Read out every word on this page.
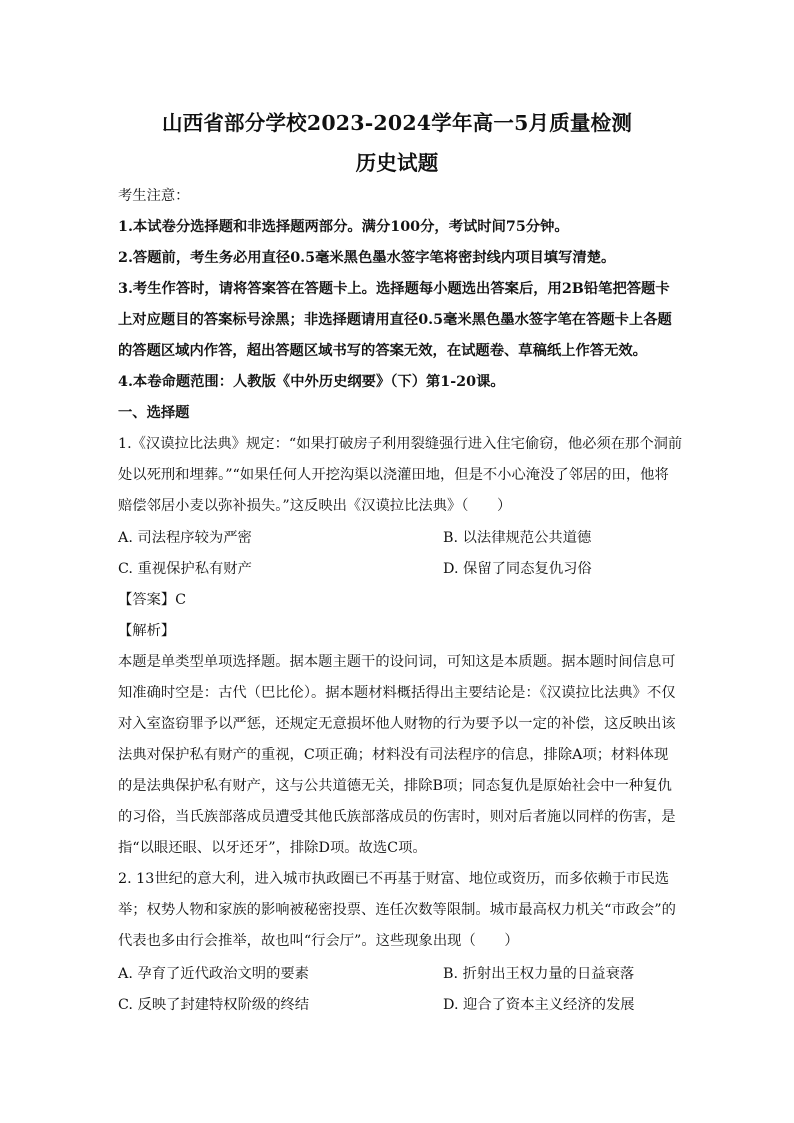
山西省部分学校2023-2024学年高一5月质量检测
历史试题
考生注意：
1.本试卷分选择题和非选择题两部分。满分100分，考试时间75分钟。
2.答题前，考生务必用直径0.5毫米黑色墨水签字笔将密封线内项目填写清楚。
3.考生作答时，请将答案答在答题卡上。选择题每小题选出答案后，用2B铅笔把答题卡
上对应题目的答案标号涂黑；非选择题请用直径0.5毫米黑色墨水签字笔在答题卡上各题
的答题区域内作答，超出答题区域书写的答案无效，在试题卷、草稿纸上作答无效。
4.本卷命题范围：人教版《中外历史纲要》（下）第1-20课。
一、选择题
1.《汉谟拉比法典》规定：“如果打破房子利用裂缝强行进入住宅偷窃，他必须在那个洞前
处以死刑和埋葬。”“如果任何人开挖沟渠以浇灌田地，但是不小心淹没了邻居的田，他将
赔偿邻居小麦以弥补损失。”这反映出《汉谟拉比法典》（　　）
A. 司法程序较为严密	B. 以法律规范公共道德
C. 重视保护私有财产	D. 保留了同态复仇习俗
【答案】C
【解析】
本题是单类型单项选择题。据本题主题干的设问词，可知这是本质题。据本题时间信息可
知准确时空是：古代（巴比伦）。据本题材料概括得出主要结论是：《汉谟拉比法典》不仅
对入室盗窃罪予以严惩，还规定无意损坏他人财物的行为要予以一定的补偿，这反映出该
法典对保护私有财产的重视，C项正确；材料没有司法程序的信息，排除A项；材料体现
的是法典保护私有财产，这与公共道德无关，排除B项；同态复仇是原始社会中一种复仇
的习俗，当氏族部落成员遭受其他氏族部落成员的伤害时，则对后者施以同样的伤害，是
指“以眼还眼、以牙还牙”，排除D项。故选C项。
2. 13世纪的意大利，进入城市执政圈已不再基于财富、地位或资历，而多依赖于市民选
举；权势人物和家族的影响被秘密投票、连任次数等限制。城市最高权力机关“市政会”的
代表也多由行会推举，故也叫“行会厅”。这些现象出现（　　）
A. 孕育了近代政治文明的要素	B. 折射出王权力量的日益衰落
C. 反映了封建特权阶级的终结	D. 迎合了资本主义经济的发展
